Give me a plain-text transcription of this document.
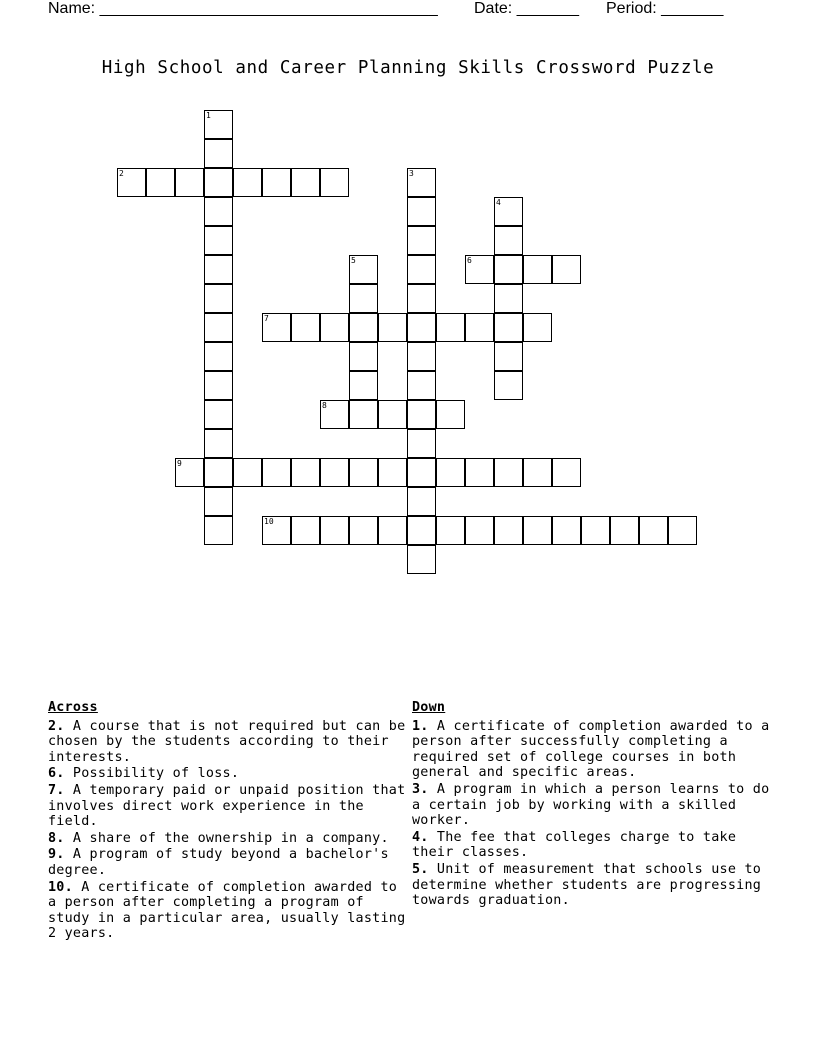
Name: ______________________________________ Date: _______ Period: _______
High School and Career Planning Skills Crossword Puzzle
1
2	3
4
5	6
7
8
9
10
Across
2. A course that is not required but can be chosen by the students according to their interests.
6. Possibility of loss.
7. A temporary paid or unpaid position that involves direct work experience in the field.
8. A share of the ownership in a company.
9. A program of study beyond a bachelor's degree.
10. A certificate of completion awarded to a person after completing a program of study in a particular area, usually lasting 2 years.
Down
1. A certificate of completion awarded to a person after successfully completing a required set of college courses in both general and specific areas.
3. A program in which a person learns to do a certain job by working with a skilled worker.
4. The fee that colleges charge to take their classes.
5. Unit of measurement that schools use to determine whether students are progressing towards graduation.
